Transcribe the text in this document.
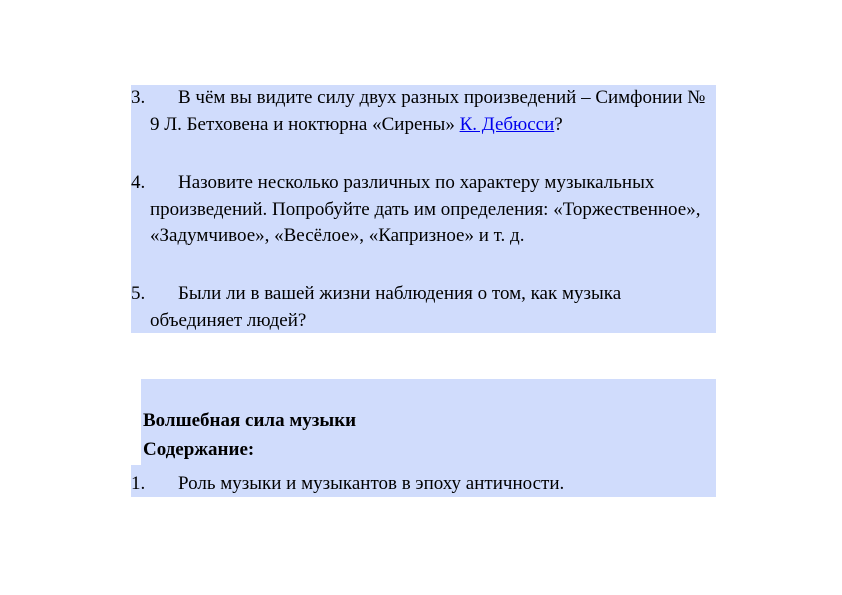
3.	В чём вы видите силу двух разных произведений – Симфонии № 9 Л. Бетховена и ноктюрна «Сирены» К. Дебюсси?
4.	Назовите несколько различных по характеру музыкальных произведений. Попробуйте дать им определения: «Торжественное», «Задумчивое», «Весёлое», «Капризное» и т. д.
5.	Были ли в вашей жизни наблюдения о том, как музыка объединяет людей?
Волшебная сила музыки
Содержание:
1.	Роль музыки и музыкантов в эпоху античности.
